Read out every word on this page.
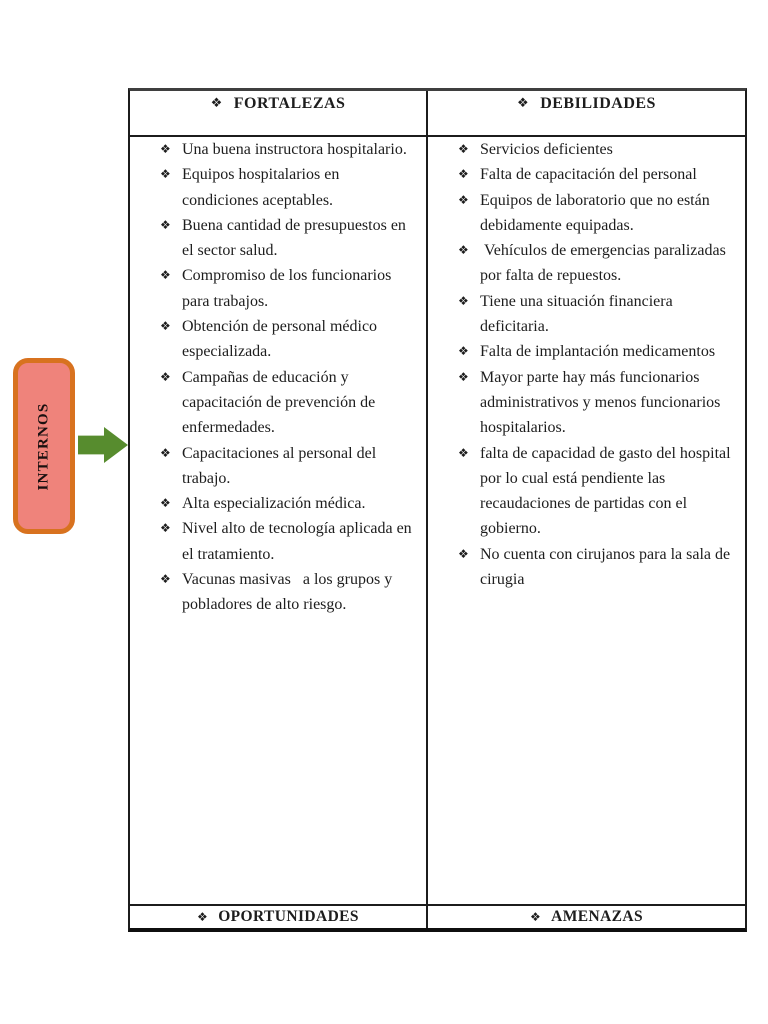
INTERNOS
❖ FORTALEZAS	❖ DEBILIDADES
❖ Una buena instructora hospitalario.
❖ Equipos hospitalarios en condiciones aceptables.
❖ Buena cantidad de presupuestos en el sector salud.
❖ Compromiso de los funcionarios para trabajos.
❖ Obtención de personal médico especializada.
❖ Campañas de educación y capacitación de prevención de enfermedades.
❖ Capacitaciones al personal del trabajo.
❖ Alta especialización médica.
❖ Nivel alto de tecnología aplicada en el tratamiento.
❖ Vacunas masivas   a los grupos y pobladores de alto riesgo.
❖ Servicios deficientes
❖ Falta de capacitación del personal
❖ Equipos de laboratorio que no están debidamente equipadas.
❖ Vehículos de emergencias paralizadas por falta de repuestos.
❖ Tiene una situación financiera deficitaria.
❖ Falta de implantación medicamentos
❖ Mayor parte hay más funcionarios administrativos y menos funcionarios hospitalarios.
❖ falta de capacidad de gasto del hospital por lo cual está pendiente las recaudaciones de partidas con el gobierno.
❖ No cuenta con cirujanos para la sala de cirugia
❖ OPORTUNIDADES	❖ AMENAZAS
